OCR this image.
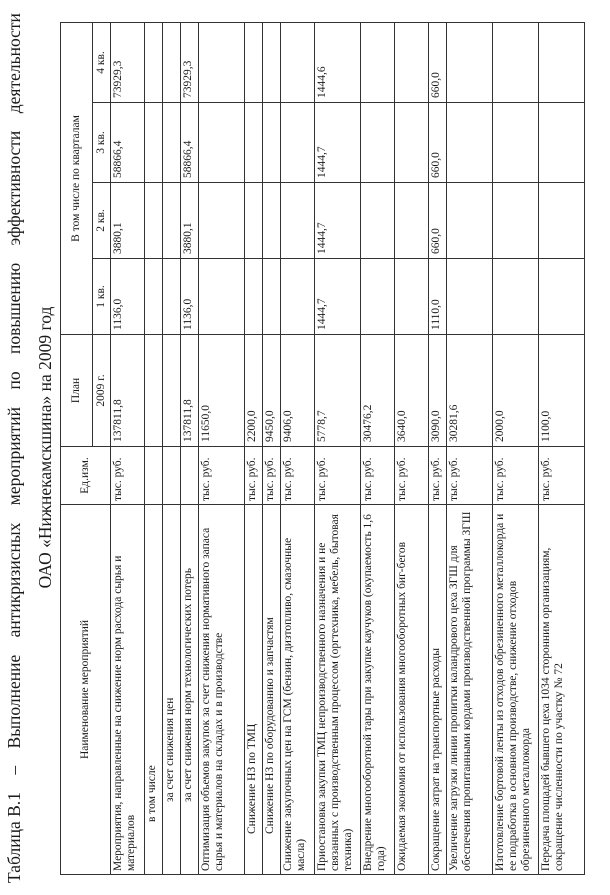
Таблица В.1
–
Выполнение
антикризисных
мероприятий
по
повышению
эффективности
деятельности
ОАО «Нижнекамскшина» на 2009 год
Наименование мероприятий	Ед.изм.	План	В том числе по кварталам			
		2009 г.	1 кв.	2 кв.	3 кв.	4 кв.

Мероприятия, направленные на снижение норм расхода сырья и материалов	тыс. руб.	137811,8	1136,0	3880,1	58866,4	73929,3
в том числе						
за счет снижения цен						
за счет снижения норм технологических потерь		137811,8	1136,0	3880,1	58866,4	73929,3
Оптимизация объемов закупок за счет снижения нормативного запаса сырья и материалов на складах и в производстве	тыс. руб.	11650,0				
Снижение НЗ по ТМЦ	тыс. руб.	2200,0				
Снижение НЗ по оборудованию и запчастям	тыс. руб.	9450,0				
Снижение закупочных цен на ГСМ (бензин, дизтопливо, смазочные масла)	тыс. руб.	9406,0				
Приостановка закупки ТМЦ непроизводственного назначения и не связанных с производственным процессом (оргтехника, мебель, бытовая техника)	тыс. руб.	5778,7	1444,7	1444,7	1444,7	1444,6
Внедрение многооборотной тары при закупке каучуков (окупаемость 1,6 года)	тыс. руб.	30476,2				
Ожидаемая экономия от использования многооборотных биг-бегов	тыс. руб.	3640,0				
Сокращение затрат на транспортные расходы	тыс. руб.	3090,0	1110,0	660,0	660,0	660,0
Увеличение загрузки линии пропитки каландрового цеха ЗГШ для обеспечения пропитанными кордами производственной программы ЗГШ	тыс. руб.	30281,6				
Изготовление бортовой ленты из отходов обрезиненного металлокорда и ее подработка в основном производстве, снижение отходов обрезиненного металлокорда	тыс. руб.	2000,0				
Передача площадей бывшего цеха 1034 сторонним организациям, сокращение численности по участку № 72	тыс. руб.	1100,0				
